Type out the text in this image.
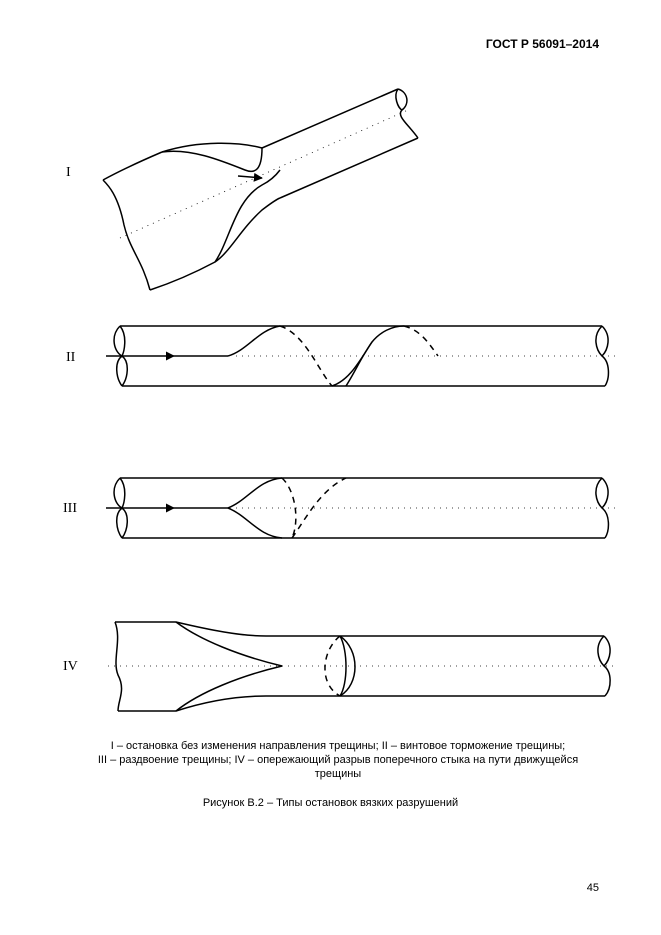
ГОСТ Р 56091–2014
I
II
III
IV
I – остановка без изменения направления трещины; II – винтовое торможение трещины;
III – раздвоение трещины; IV – опережающий разрыв поперечного стыка на пути движущейся
трещины
Рисунок В.2 – Типы остановок вязких разрушений
45
